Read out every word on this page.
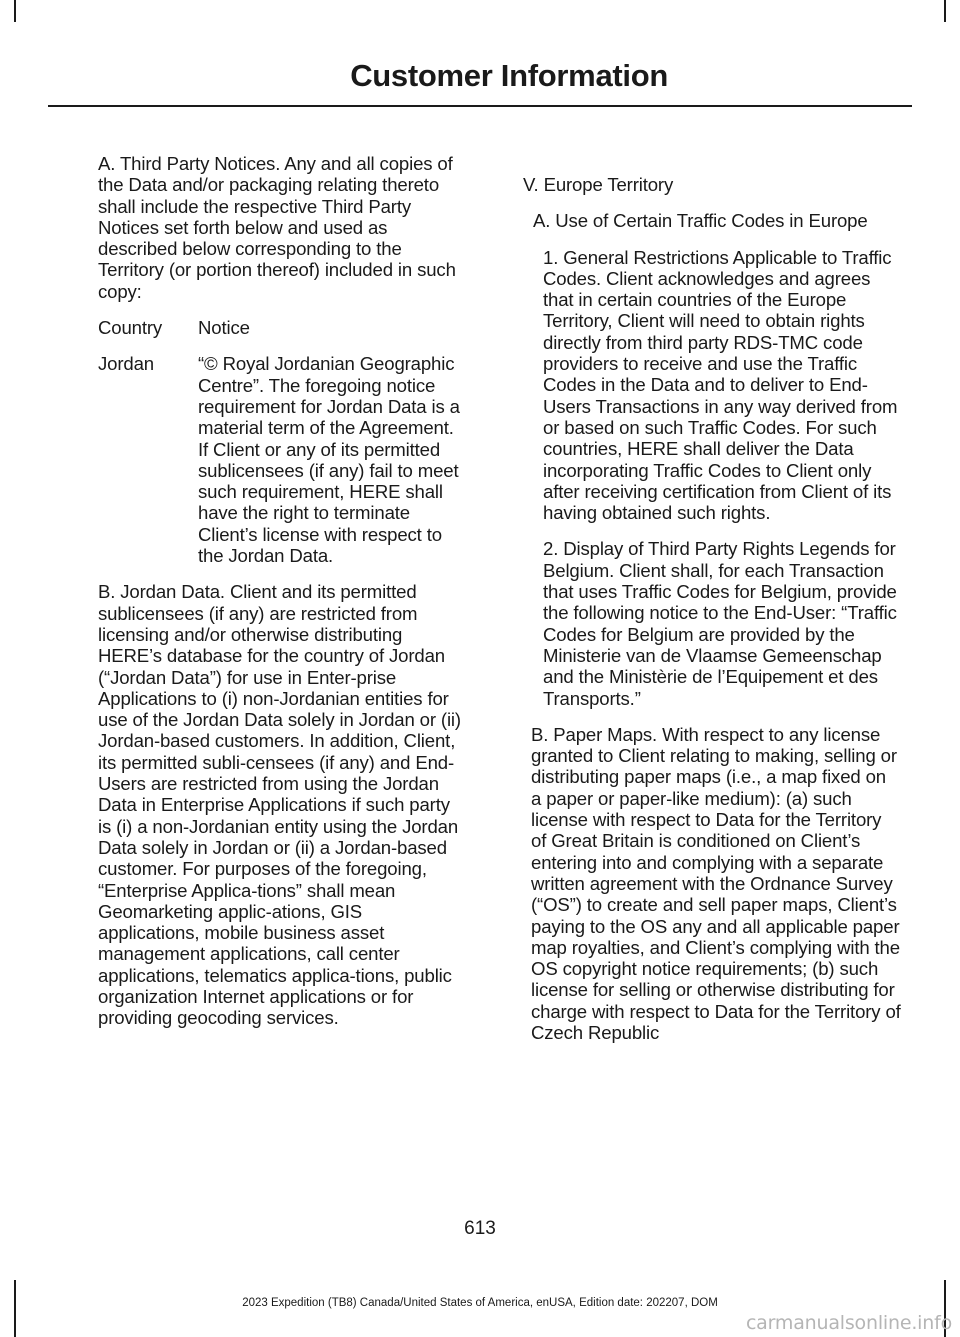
Customer Information

A. Third Party Notices. Any and all copies of the Data and/or packaging relating thereto shall include the respective Third Party Notices set forth below and used as described below corresponding to the Territory (or portion thereof) included in such copy:

Country	Notice
Jordan	“© Royal Jordanian Geographic Centre”. The foregoing notice requirement for Jordan Data is a material term of the Agreement. If Client or any of its permitted sublicensees (if any) fail to meet such requirement, HERE shall have the right to terminate Client’s license with respect to the Jordan Data.

B. Jordan Data. Client and its permitted sublicensees (if any) are restricted from licensing and/or otherwise distributing HERE’s database for the country of Jordan (“Jordan Data”) for use in Enter-prise Applications to (i) non-Jordanian entities for use of the Jordan Data solely in Jordan or (ii) Jordan-based customers. In addition, Client, its permitted subli-censees (if any) and End-Users are restricted from using the Jordan Data in Enterprise Applications if such party is (i) a non-Jordanian entity using the Jordan Data solely in Jordan or (ii) a Jordan-based customer. For purposes of the foregoing, “Enterprise Applica-tions” shall mean Geomarketing applic-ations, GIS applications, mobile business asset management applications, call center applications, telematics applica-tions, public organization Internet applications or for providing geocoding services.

V. Europe Territory

A. Use of Certain Traffic Codes in Europe

1. General Restrictions Applicable to Traffic Codes. Client acknowledges and agrees that in certain countries of the Europe Territory, Client will need to obtain rights directly from third party RDS-TMC code providers to receive and use the Traffic Codes in the Data and to deliver to End-Users Transactions in any way derived from or based on such Traffic Codes. For such countries, HERE shall deliver the Data incorporating Traffic Codes to Client only after receiving certification from Client of its having obtained such rights.

2. Display of Third Party Rights Legends for Belgium. Client shall, for each Transaction that uses Traffic Codes for Belgium, provide the following notice to the End-User: “Traffic Codes for Belgium are provided by the Ministerie van de Vlaamse Gemeenschap and the Ministèrie de l’Equipement et des Transports.”

B. Paper Maps. With respect to any license granted to Client relating to making, selling or distributing paper maps (i.e., a map fixed on a paper or paper-like medium): (a) such license with respect to Data for the Territory of Great Britain is conditioned on Client’s entering into and complying with a separate written agreement with the Ordnance Survey (“OS”) to create and sell paper maps, Client’s paying to the OS any and all applicable paper map royalties, and Client’s complying with the OS copyright notice requirements; (b) such license for selling or otherwise distributing for charge with respect to Data for the Territory of Czech Republic

613
2023 Expedition (TB8) Canada/United States of America, enUSA, Edition date: 202207, DOM
carmanualsonline.info
